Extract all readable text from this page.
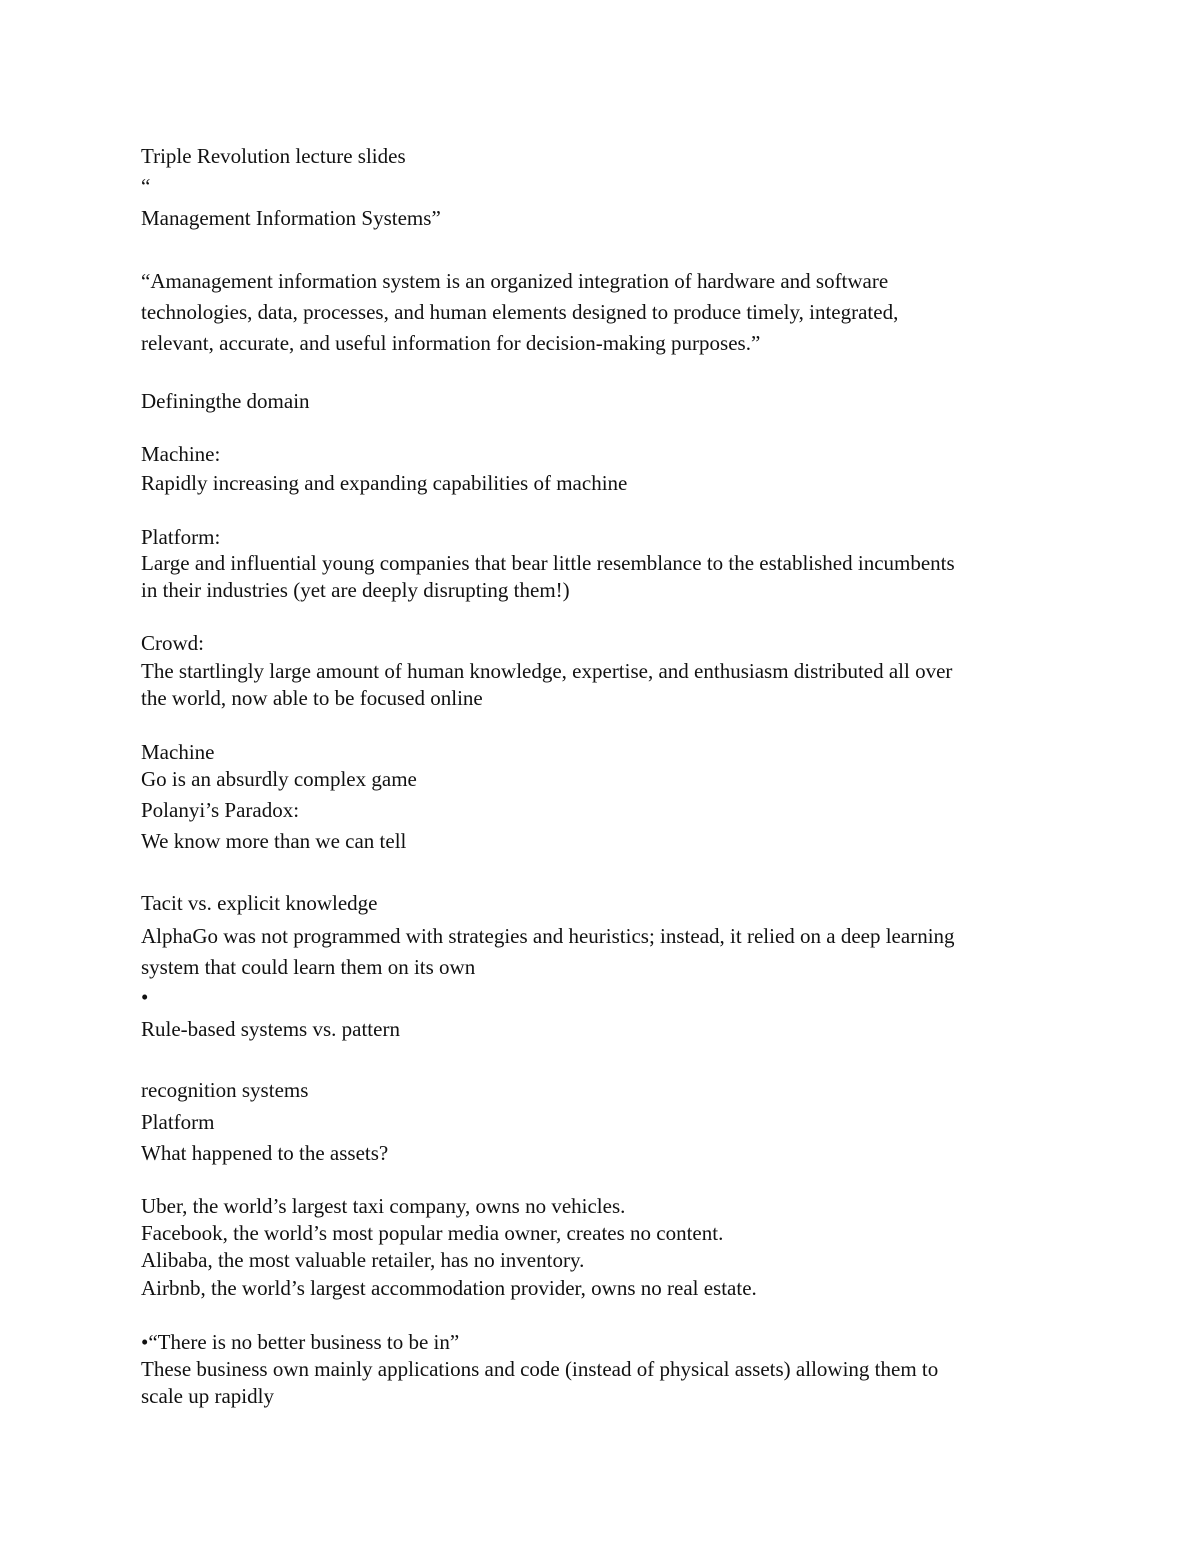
Triple Revolution lecture slides
“
Management Information Systems”
“Amanagement information system is an organized integration of hardware and software
technologies, data, processes, and human elements designed to produce timely, integrated,
relevant, accurate, and useful information for decision-making purposes.”
Definingthe domain
Machine:
Rapidly increasing and expanding capabilities of machine
Platform:
Large and influential young companies that bear little resemblance to the established incumbents
in their industries (yet are deeply disrupting them!)
Crowd:
The startlingly large amount of human knowledge, expertise, and enthusiasm distributed all over
the world, now able to be focused online
Machine
Go is an absurdly complex game
Polanyi’s Paradox:
We know more than we can tell
Tacit vs. explicit knowledge
AlphaGo was not programmed with strategies and heuristics; instead, it relied on a deep learning
system that could learn them on its own
•
Rule-based systems vs. pattern
recognition systems
Platform
What happened to the assets?
Uber, the world’s largest taxi company, owns no vehicles.
Facebook, the world’s most popular media owner, creates no content.
Alibaba, the most valuable retailer, has no inventory.
Airbnb, the world’s largest accommodation provider, owns no real estate.
•“There is no better business to be in”
These business own mainly applications and code (instead of physical assets) allowing them to
scale up rapidly
